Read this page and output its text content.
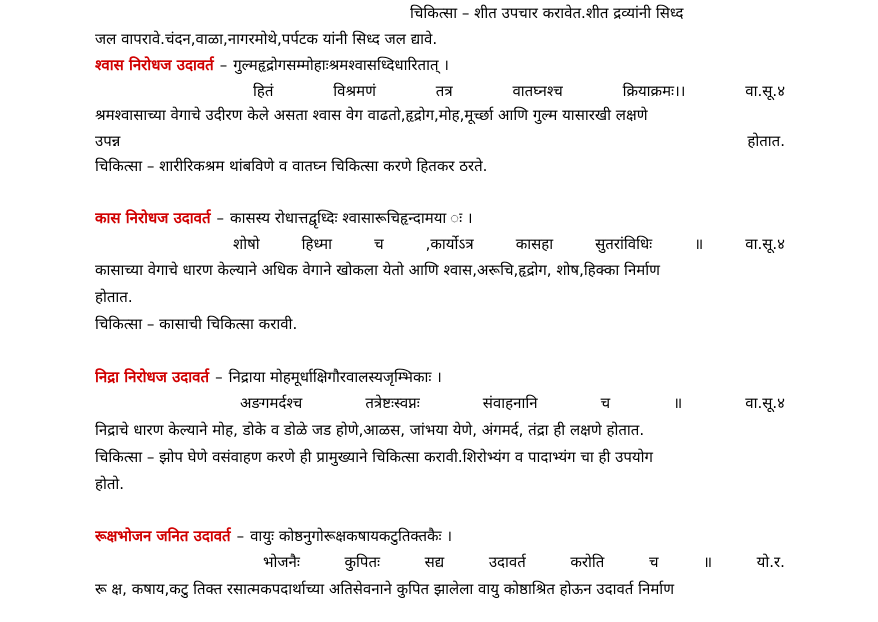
चिकित्सा – शीत उपचार करावेत.शीत द्रव्यांनी सिध्द
जल वापरावे.चंदन,वाळा,नागरमोथे,पर्पटक यांनी सिध्द जल द्यावे.
श्वास निरोधज उदावर्त – गुल्महृद्रोगसम्मोहाःश्रमश्वासध्दिधारितात् ।
हितं	विश्रमणं	तत्र	वातघ्नश्च	क्रियाक्रमः।।	वा.सू.४
श्रमश्वासाच्या वेगाचे उदीरण केले असता श्वास वेग वाढतो,हृद्रोग,मोह,मूर्च्छा आणि गुल्म यासारखी लक्षणे
उपन्न	होतात.
चिकित्सा – शारीरिकश्रम थांबविणे व वातघ्न चिकित्सा करणे हितकर ठरते.
कास निरोधज उदावर्त – कासस्य रोधात्तद्वृध्दिः श्वासारूचिहृन्दामया ः ।
शोषो	हिध्मा	च	,कार्योऽत्र	कासहा	सुतरांविधिः	॥	वा.सू.४
कासाच्या वेगाचे धारण केल्याने अधिक वेगाने खोकला येतो आणि श्वास,अरूचि,हृद्रोग, शोष,हिक्का निर्माण
होतात.
चिकित्सा – कासाची चिकित्सा करावी.
निद्रा निरोधज उदावर्त – निद्राया मोहमूर्धाक्षिगौरवालस्यजृम्भिकाः ।
अङगमर्दश्च	तत्रेष्टःस्वप्नः	संवाहनानि	च	॥	वा.सू.४
निद्राचे धारण केल्याने मोह, डोके व डोळे जड होणे,आळस, जांभया येणे, अंगमर्द, तंद्रा ही लक्षणे होतात.
चिकित्सा – झोप घेणे वसंवाहण करणे ही प्रामुख्याने चिकित्सा करावी.शिरोभ्यंग व पादाभ्यंग चा ही उपयोग
होतो.
रूक्षभोजन जनित उदावर्त – वायुः कोष्ठनुगोरूक्षकषायकटुतिक्तकैः ।
भोजनैः	कुपितः	सद्य	उदावर्त	करोति	च	॥	यो.र.
रू क्ष, कषाय,कटु तिक्त रसात्मकपदार्थाच्या अतिसेवनाने कुपित झालेला वायु कोष्ठाश्रित होऊन उदावर्त निर्माण
